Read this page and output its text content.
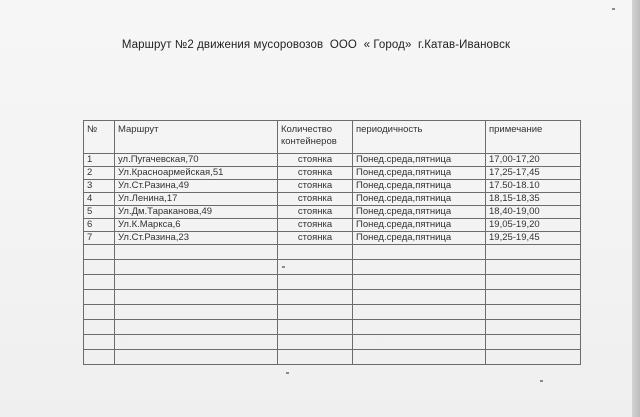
Маршрут №2 движения мусоровозов  ООО  « Город»  г.Катав-Ивановск
№	Маршрут	Количество контейнеров	периодичность	примечание
1	ул.Пугачевская,70	стоянка	Понед.среда,пятница	17,00-17,20
2	Ул.Красноармейская,51	стоянка	Понед.среда,пятница	17,25-17,45
3	Ул.Ст.Разина,49	стоянка	Понед.среда,пятница	17.50-18.10
4	Ул.Ленина,17	стоянка	Понед.среда,пятница	18,15-18,35
5	Ул.Дм.Тараканова,49	стоянка	Понед.среда,пятница	18,40-19,00
6	Ул.К.Маркса,6	стоянка	Понед.среда,пятница	19,05-19,20
7	Ул.Ст.Разина,23	стоянка	Понед.среда,пятница	19,25-19,45
